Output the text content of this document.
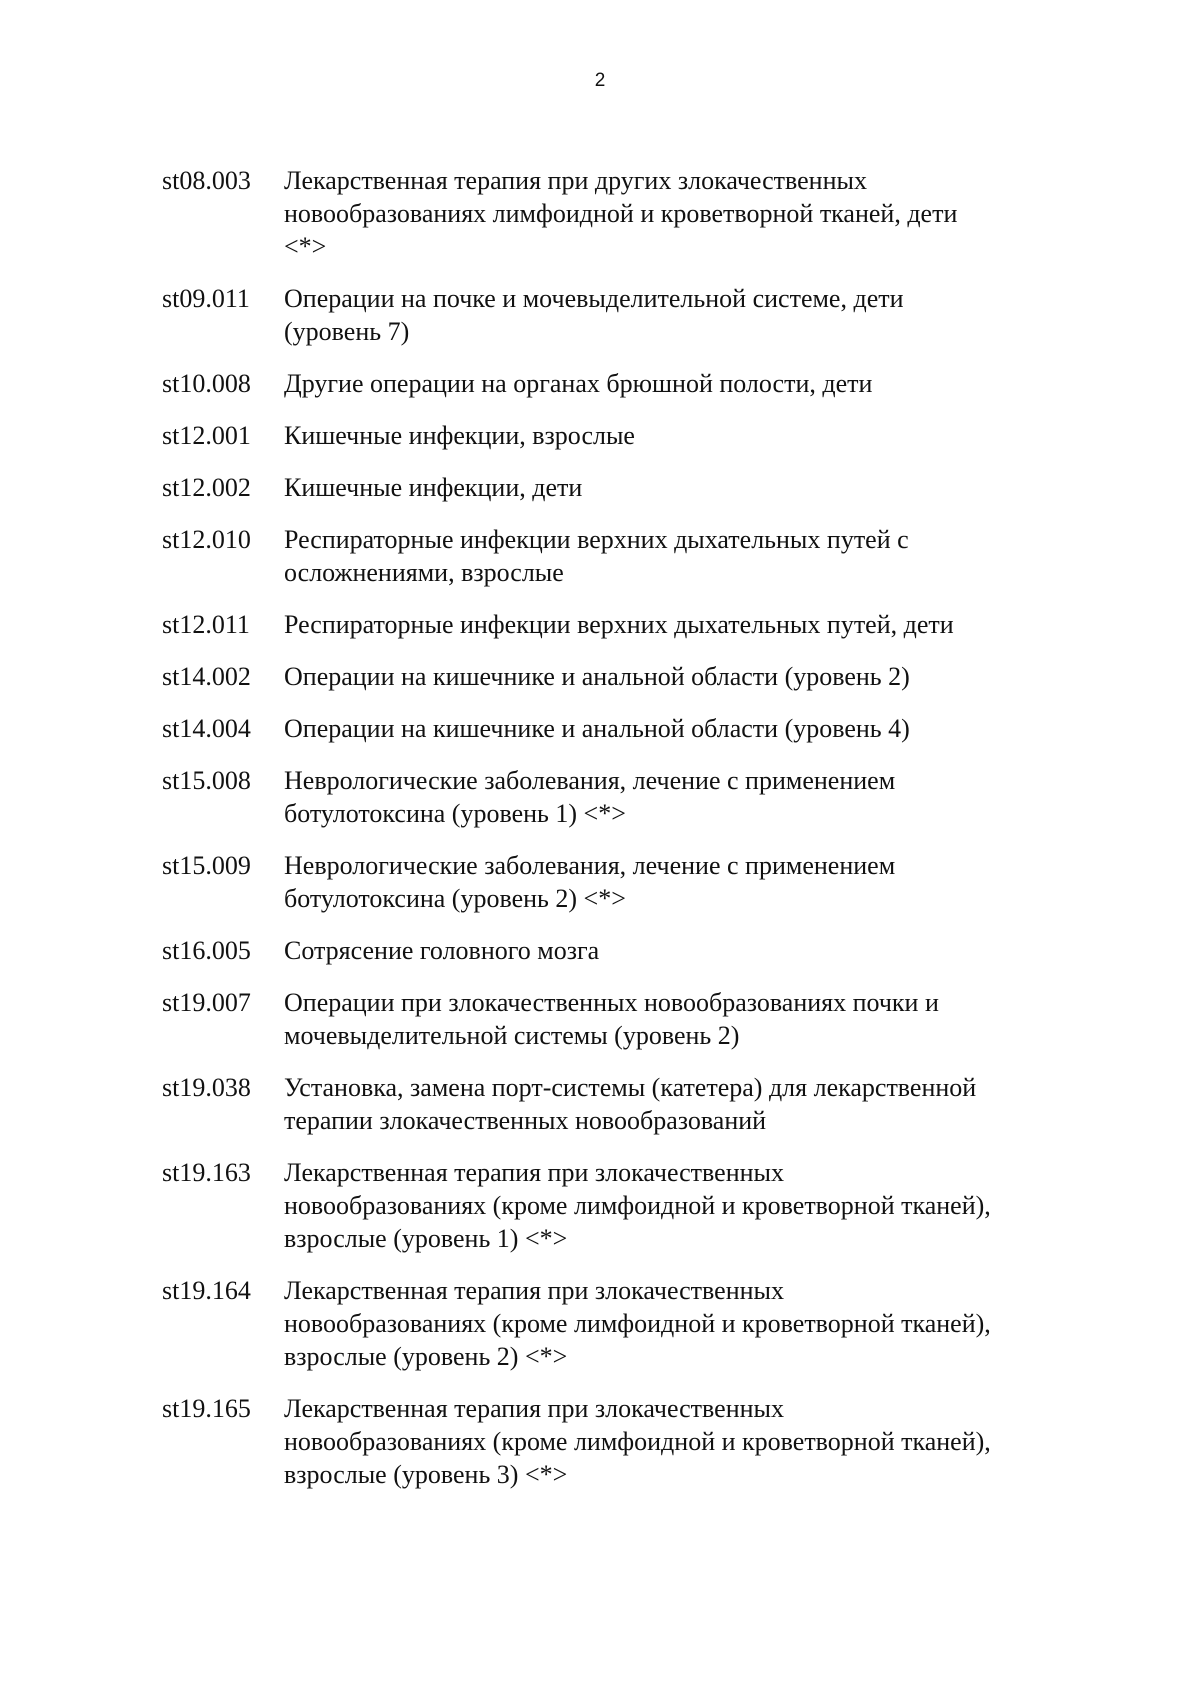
2
st08.003	Лекарственная терапия при других злокачественных
новообразованиях лимфоидной и кроветворной тканей, дети
<*>
st09.011	Операции на почке и мочевыделительной системе, дети
(уровень 7)
st10.008	Другие операции на органах брюшной полости, дети
st12.001	Кишечные инфекции, взрослые
st12.002	Кишечные инфекции, дети
st12.010	Респираторные инфекции верхних дыхательных путей с
осложнениями, взрослые
st12.011	Респираторные инфекции верхних дыхательных путей, дети
st14.002	Операции на кишечнике и анальной области (уровень 2)
st14.004	Операции на кишечнике и анальной области (уровень 4)
st15.008	Неврологические заболевания, лечение с применением
ботулотоксина (уровень 1) <*>
st15.009	Неврологические заболевания, лечение с применением
ботулотоксина (уровень 2) <*>
st16.005	Сотрясение головного мозга
st19.007	Операции при злокачественных новообразованиях почки и
мочевыделительной системы (уровень 2)
st19.038	Установка, замена порт-системы (катетера) для лекарственной
терапии злокачественных новообразований
st19.163	Лекарственная терапия при злокачественных
новообразованиях (кроме лимфоидной и кроветворной тканей),
взрослые (уровень 1) <*>
st19.164	Лекарственная терапия при злокачественных
новообразованиях (кроме лимфоидной и кроветворной тканей),
взрослые (уровень 2) <*>
st19.165	Лекарственная терапия при злокачественных
новообразованиях (кроме лимфоидной и кроветворной тканей),
взрослые (уровень 3) <*>
